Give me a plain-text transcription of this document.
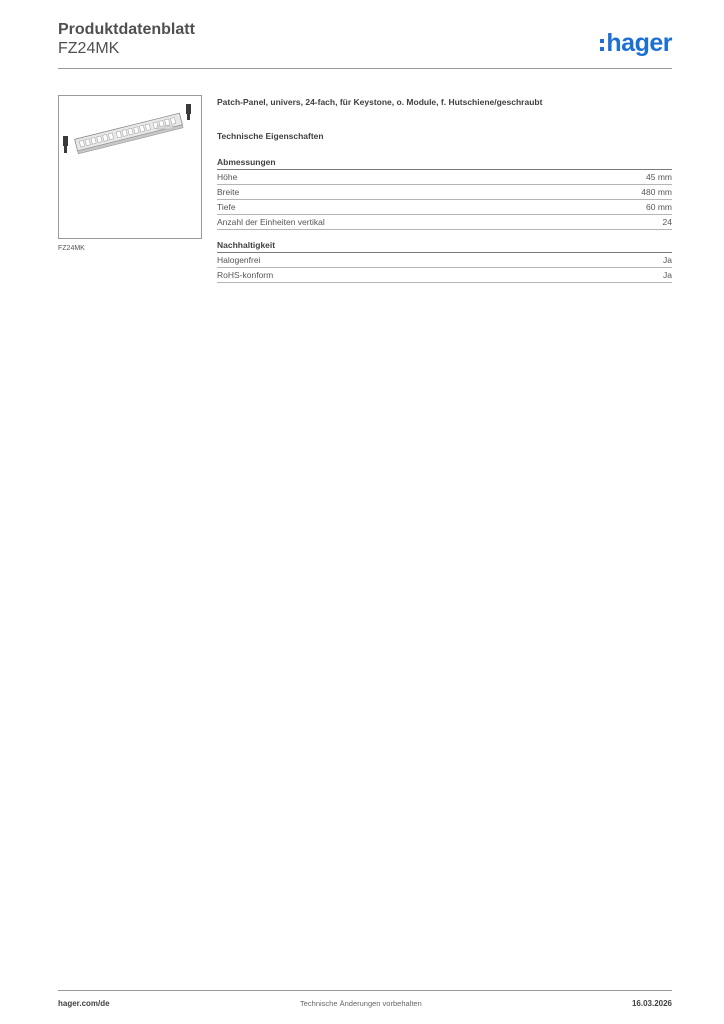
Produktdatenblatt
FZ24MK	hager
FZ24MK
Patch-Panel, univers, 24-fach, für Keystone, o. Module, f. Hutschiene/geschraubt
Technische Eigenschaften
Abmessungen
Höhe	45 mm
Breite	480 mm
Tiefe	60 mm
Anzahl der Einheiten vertikal	24
Nachhaltigkeit
Halogenfrei	Ja
RoHS-konform	Ja
hager.com/de	Technische Änderungen vorbehalten	16.03.2026
